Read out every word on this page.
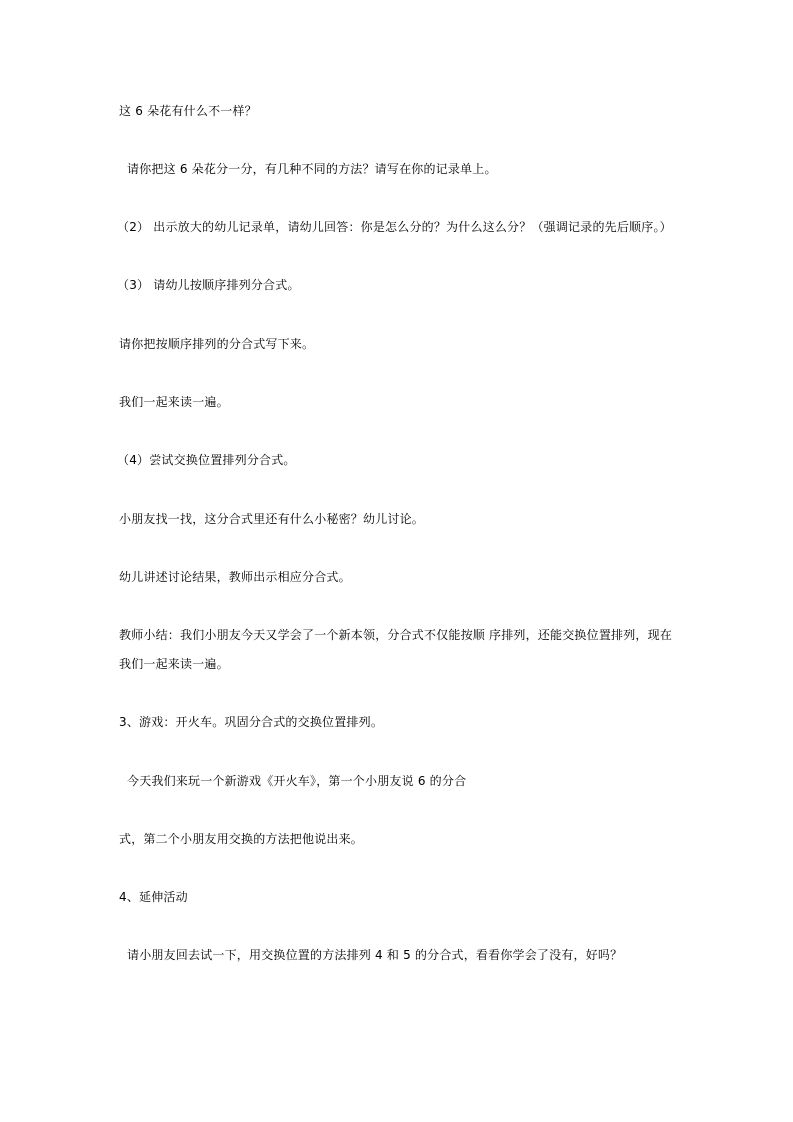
这 6 朵花有什么不一样？
请你把这 6 朵花分一分，有几种不同的方法？请写在你的记录单上。
（2） 出示放大的幼儿记录单，请幼儿回答：你是怎么分的？为什么这么分？（强调记录的先后顺序。）
（3） 请幼儿按顺序排列分合式。
请你把按顺序排列的分合式写下来。
我们一起来读一遍。
（4）尝试交换位置排列分合式。
小朋友找一找，这分合式里还有什么小秘密？幼儿讨论。
幼儿讲述讨论结果，教师出示相应分合式。
教师小结：我们小朋友今天又学会了一个新本领，分合式不仅能按顺 序排列，还能交换位置排列，现在
我们一起来读一遍。
3、游戏：开火车。巩固分合式的交换位置排列。
今天我们来玩一个新游戏《开火车》，第一个小朋友说 6 的分合
式，第二个小朋友用交换的方法把他说出来。
4、延伸活动
请小朋友回去试一下，用交换位置的方法排列 4 和 5 的分合式，看看你学会了没有，好吗？
